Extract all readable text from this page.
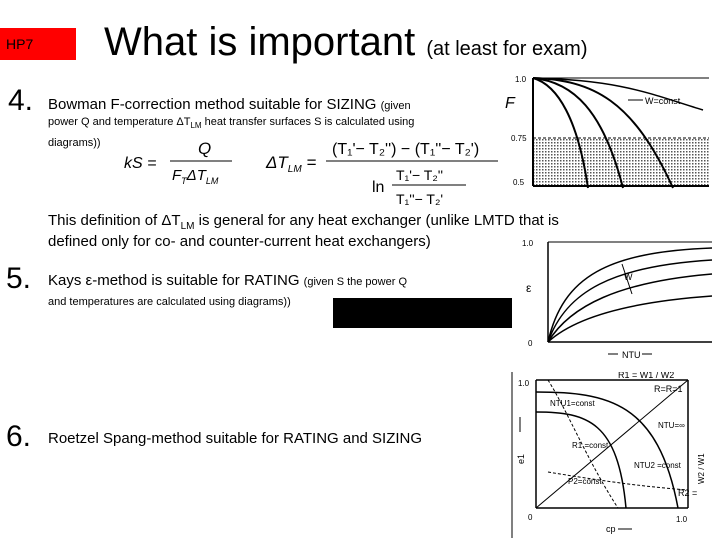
HP7 What is important (at least for exam)
4. Bowman F-correction method suitable for SIZING (given
power Q and temperature $\Delta T_{LM}$ heat transfer surfaces S is calculated using
diagrams))
kS =
Q
$F_T\Delta T_{LM}$
$\Delta T_{LM}$ =
(T₁'− T₂'') − (T₁''− T₂')
ln
T₁'− T₂''
T₁''− T₂'
This definition of $\Delta T_{LM}$ is general for any heat exchanger (unlike LMTD that is
defined only for co- and counter-current heat exchangers)
5. Kays ε-method is suitable for RATING (given S the power Q
and temperatures are calculated using diagrams))
6. Roetzel Spang-method suitable for RATING and SIZING
1.0
0.75
0.5
F	W=const
W
1.0
0
ε
NTU
1.0
1.0
0
R1 = W1 / W2
R=R=1
NTU1=const
NTU=∞
R1 =const
NTU2 =const
P2=const
R2 =
W2 / W1
e1
cp
